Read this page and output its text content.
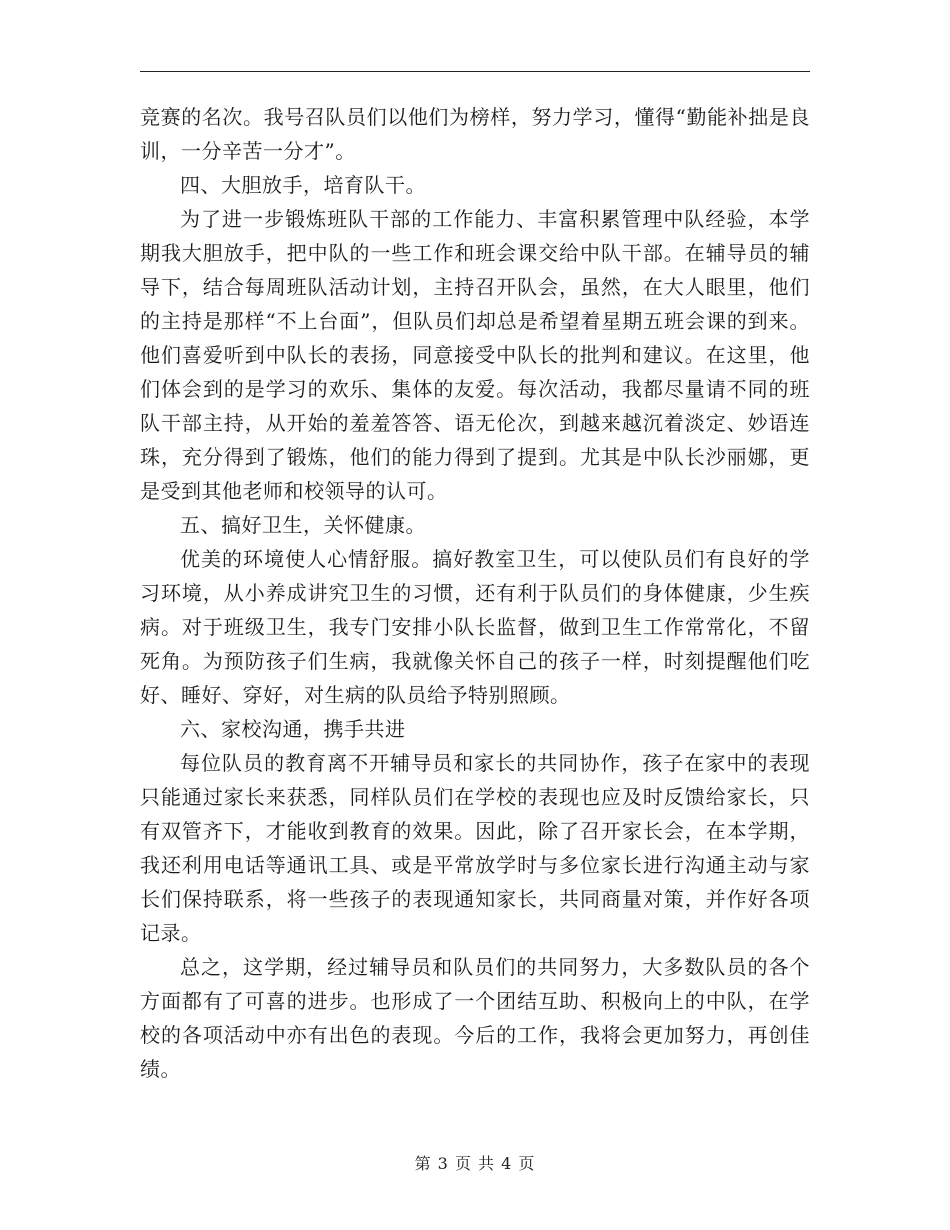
竞赛的名次。我号召队员们以他们为榜样，努力学习，懂得“勤能补拙是良训，一分辛苦一分才”。

四、大胆放手，培育队干。

为了进一步锻炼班队干部的工作能力、丰富积累管理中队经验，本学期我大胆放手，把中队的一些工作和班会课交给中队干部。在辅导员的辅导下，结合每周班队活动计划，主持召开队会，虽然，在大人眼里，他们的主持是那样“不上台面”，但队员们却总是希望着星期五班会课的到来。他们喜爱听到中队长的表扬，同意接受中队长的批判和建议。在这里，他们体会到的是学习的欢乐、集体的友爱。每次活动，我都尽量请不同的班队干部主持，从开始的羞羞答答、语无伦次，到越来越沉着淡定、妙语连珠，充分得到了锻炼，他们的能力得到了提到。尤其是中队长沙丽娜，更是受到其他老师和校领导的认可。

五、搞好卫生，关怀健康。

优美的环境使人心情舒服。搞好教室卫生，可以使队员们有良好的学习环境，从小养成讲究卫生的习惯，还有利于队员们的身体健康，少生疾病。对于班级卫生，我专门安排小队长监督，做到卫生工作常常化，不留死角。为预防孩子们生病，我就像关怀自己的孩子一样，时刻提醒他们吃好、睡好、穿好，对生病的队员给予特别照顾。

六、家校沟通，携手共进

每位队员的教育离不开辅导员和家长的共同协作，孩子在家中的表现只能通过家长来获悉，同样队员们在学校的表现也应及时反馈给家长，只有双管齐下，才能收到教育的效果。因此，除了召开家长会，在本学期，我还利用电话等通讯工具、或是平常放学时与多位家长进行沟通主动与家长们保持联系，将一些孩子的表现通知家长，共同商量对策，并作好各项记录。

总之，这学期，经过辅导员和队员们的共同努力，大多数队员的各个方面都有了可喜的进步。也形成了一个团结互助、积极向上的中队，在学校的各项活动中亦有出色的表现。今后的工作，我将会更加努力，再创佳绩。

第 3 页 共 4 页
